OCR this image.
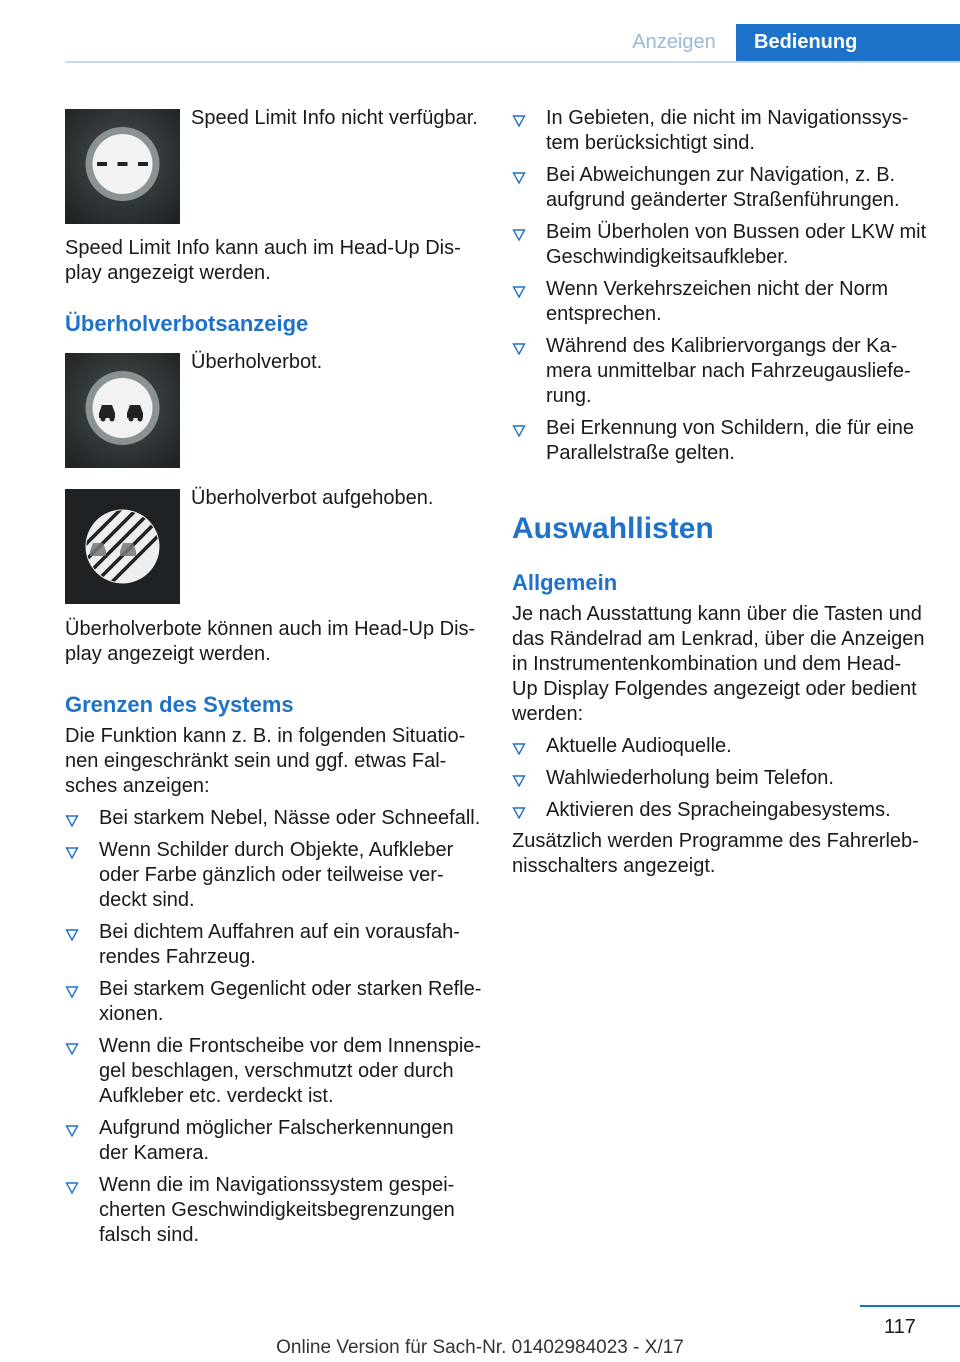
Anzeigen	Bedienung

Speed Limit Info nicht verfügbar.

Speed Limit Info kann auch im Head-Up Dis-

play angezeigt werden.

Überholverbotsanzeige

Überholverbot.

Überholverbot aufgehoben.

Überholverbote können auch im Head-Up Dis-

play angezeigt werden.

Grenzen des Systems

Die Funktion kann z. B. in folgenden Situatio-

nen eingeschränkt sein und ggf. etwas Fal-

sches anzeigen:

Bei starkem Nebel, Nässe oder Schneefall.
Wenn Schilder durch Objekte, Aufkleber
oder Farbe gänzlich oder teilweise ver-
deckt sind.
Bei dichtem Auffahren auf ein vorausfah-
rendes Fahrzeug.
Bei starkem Gegenlicht oder starken Refle-
xionen.
Wenn die Frontscheibe vor dem Innenspie-
gel beschlagen, verschmutzt oder durch
Aufkleber etc. verdeckt ist.
Aufgrund möglicher Falscherkennungen
der Kamera.
Wenn die im Navigationssystem gespei-
cherten Geschwindigkeitsbegrenzungen
falsch sind.
In Gebieten, die nicht im Navigationssys-
tem berücksichtigt sind.
Bei Abweichungen zur Navigation, z. B.
aufgrund geänderter Straßenführungen.
Beim Überholen von Bussen oder LKW mit
Geschwindigkeitsaufkleber.
Wenn Verkehrszeichen nicht der Norm
entsprechen.
Während des Kalibriervorgangs der Ka-
mera unmittelbar nach Fahrzeugausliefe-
rung.
Bei Erkennung von Schildern, die für eine
Parallelstraße gelten.
Auswahllisten
Allgemein

Je nach Ausstattung kann über die Tasten und

das Rändelrad am Lenkrad, über die Anzeigen

in Instrumentenkombination und dem Head-

Up Display Folgendes angezeigt oder bedient

werden:

Aktuelle Audioquelle.
Wahlwiederholung beim Telefon.
Aktivieren des Spracheingabesystems.

Zusätzlich werden Programme des Fahrerleb-

nisschalters angezeigt.

117
Online Version für Sach-Nr. 01402984023 - X/17
